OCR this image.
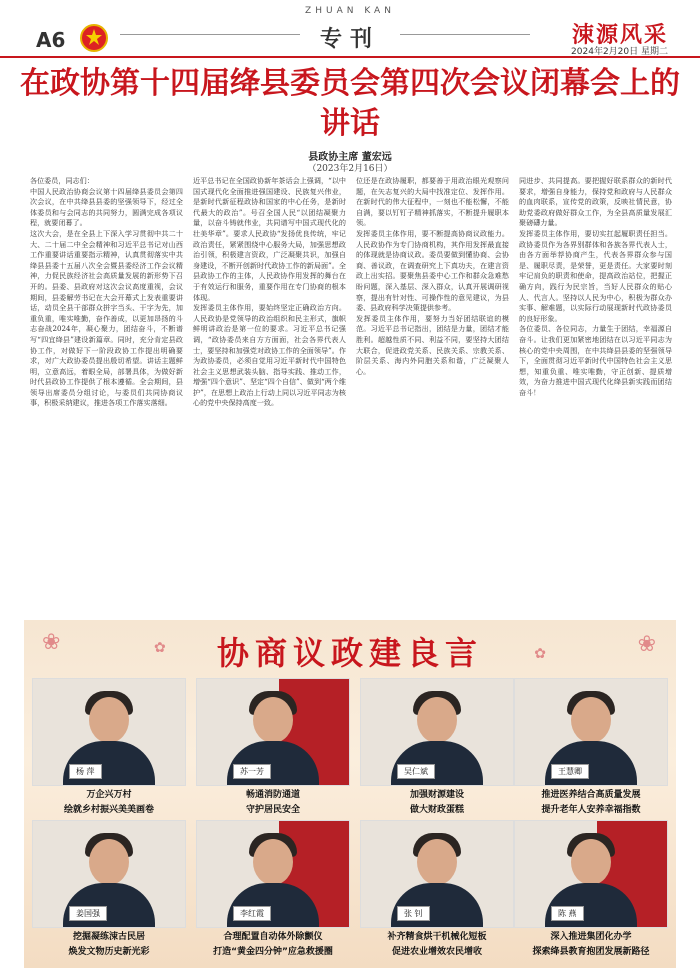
A6
ZHUAN KAN
专刊	涑源风采
2024年2月20日 星期二
在政协第十四届绛县委员会第四次会议闭幕会上的讲话
县政协主席 董宏远
（2023年2月16日）
各位委员，同志们：
中国人民政治协商会议第十四届绛县委员会第四次会议，在中共绛县县委的坚强领导下，经过全体委员和与会同志的共同努力，圆满完成各项议程，就要闭幕了。
这次大会，是在全县上下深入学习贯彻中共二十大、二十届二中全会精神和习近平总书记对山西工作重要讲话重要指示精神，认真贯彻落实中共绛县县委十五届八次全会暨县委经济工作会议精神，力促民族经济社会高质量发展的新形势下召开的。县委、县政府对这次会议高度重视，会议期间，县委解劳书记在大会开幕式上发表重要讲话，动员全县干部群众拼字当头、干字为先，加重负重，唯实唯勤，奋作善成，以更加昂扬的斗志奋战2024年，凝心聚力，团结奋斗，不断谱写“四宜绛县”建设新篇章。同时，充分肯定县政协工作，对做好下一阶段政协工作提出明确要求，对广大政协委员提出殷切希望。讲话主题鲜明，立意高远，着眼全局，部署具体，为做好新时代县政协工作提供了根本遵循。全会期间，县领导出席委员分组讨论，与委员们共同协商议事，积极采纳建议，推进各项工作落实落细。
近平总书记在全国政协新年茶话会上强调，“以中国式现代化全面推进强国建设、民族复兴伟业，是新时代新征程政协和国家的中心任务，是新时代最大的政治”。号召全国人民“以团结凝聚力量，以奋斗铸就伟业，共同谱写中国式现代化的壮美华章”。要求人民政协“发扬优良传统，牢记政治责任，紧紧围绕中心服务大局，加强思想政治引领，积极建言资政，广泛凝聚共识，加强自身建设，不断开创新时代政协工作的新局面”。全县政协工作的主体，人民政协作用发挥的舞台在于有效运行和服务，重要作用在专门协商的根本体现。
发挥委员主体作用，要始终坚定正确政治方向。人民政协是党领导的政治组织和民主形式，旗帜鲜明讲政治是第一位的要求。习近平总书记强调，“政协委员来自方方面面，社会各界代表人士，要坚持和加强党对政协工作的全面领导”。作为政协委员，必须自觉用习近平新时代中国特色社会主义思想武装头脑、指导实践、推动工作，增强“四个意识”、坚定“四个自信”、做到“两个维护”，在思想上政治上行动上同以习近平同志为核心的党中央保持高度一致。
位还是在政协履职，都要善于用政治眼光观察问题，在矢志复兴的大局中找准定位、发挥作用。在新时代的伟大征程中，一刻也不能松懈，不能自满，要以钉钉子精神抓落实，不断提升履职本领。
发挥委员主体作用，要不断提高协商议政能力。人民政协作为专门协商机构，其作用发挥最直接的体现就是协商议政。委员要做到懂协商、会协商、善议政，在调查研究上下真功夫，在建言资政上出实招。要聚焦县委中心工作和群众急难愁盼问题，深入基层、深入群众，认真开展调研视察，提出有针对性、可操作性的意见建议，为县委、县政府科学决策提供参考。
发挥委员主体作用，要努力当好团结联谊的模范。习近平总书记指出，团结是力量，团结才能胜利。超越性质不同、利益不同，要坚持大团结大联合，促进政党关系、民族关系、宗教关系、阶层关系、海内外同胞关系和谐，广泛凝聚人心。
同进步、共同提高。要把握好联系群众的新时代要求，增强自身能力，保持党和政府与人民群众的血肉联系，宣传党的政策，反映社情民意，协助党委政府做好群众工作，为全县高质量发展汇聚磅礴力量。
发挥委员主体作用，要切实扛起履职责任担当。政协委员作为各界别群体和各族各界代表人士，由各方面举荐协商产生，代表各界群众参与国是、履职尽责，是荣誉，更是责任。大家要时刻牢记肩负的职责和使命，提高政治站位，把握正确方向，践行为民宗旨，当好人民群众的贴心人、代言人。坚持以人民为中心，积极为群众办实事、解难题，以实际行动展现新时代政协委员的良好形象。
各位委员、各位同志，力量生于团结，幸福源自奋斗。让我们更加紧密地团结在以习近平同志为核心的党中央周围，在中共绛县县委的坚强领导下，全面贯彻习近平新时代中国特色社会主义思想，知重负重、唯实唯勤，守正创新、提质增效，为奋力推进中国式现代化绛县新实践而团结奋斗！
❀	✿	❀
✿
协商议政建良言
杨 萍
万企兴万村
绘就乡村振兴美美画卷
苏一芳
畅通消防通道
守护居民安全
吴仁斌
加强财源建设
做大财政蛋糕
王慧卿
推进医养结合高质量发展
提升老年人安养幸福指数
姜国强
挖掘凝练涑古民居
焕发文物历史新光彩
李红霞
合理配置自动体外除颤仪
打造“黄金四分钟”应急救援圈
张 钊
补齐精食烘干机械化短板
促进农业增效农民增收
陈 燕
深入推进集团化办学
探索绛县教育抱团发展新路径
